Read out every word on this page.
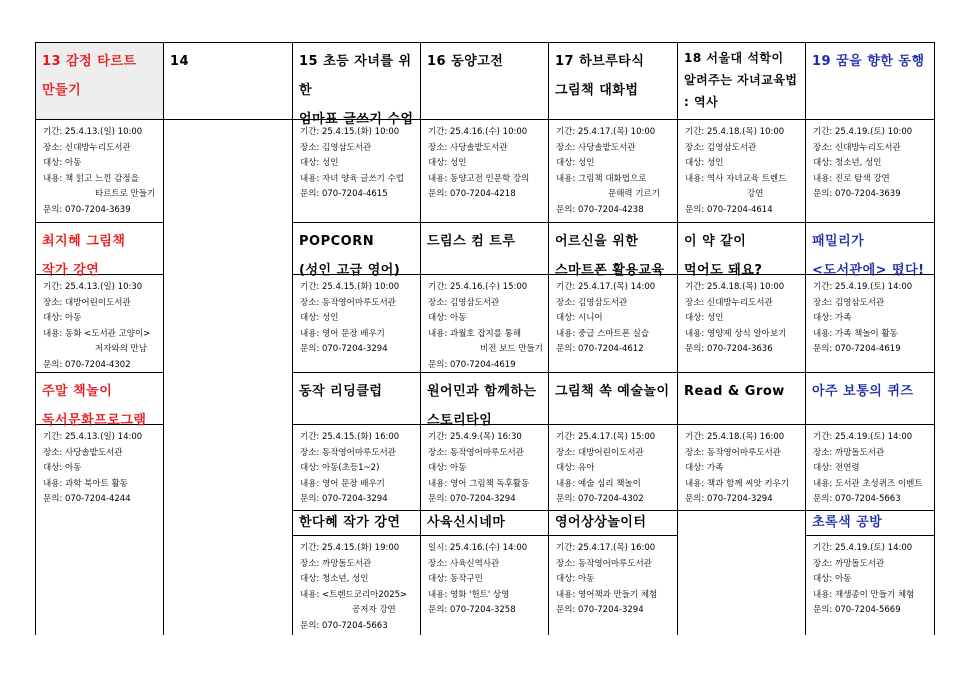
13 감정 타르트
만들기
기간: 25.4.13.(일) 10:00
장소: 신대방누리도서관
대상: 아동
내용: 책 읽고 느낀 감정을
타르트로 만들기
문의: 070-7204-3639
최지혜 그림책
작가 강연
기간: 25.4.13.(일) 10:30
장소: 대방어린이도서관
대상: 아동
내용: 동화 <도서관 고양이>
저자와의 만남
문의: 070-7204-4302
주말 책놀이
독서문화프로그램
기간: 25.4.13.(일) 14:00
장소: 사당솔밭도서관
대상: 아동
내용: 과학 북아트 활동
문의: 070-7204-4244
14	15 초등 자녀를 위한
엄마표 글쓰기 수업
기간: 25.4.15.(화) 10:00
장소: 김영삼도서관
대상: 성인
내용: 자녀 양육 글쓰기 수업
문의: 070-7204-4615
POPCORN
(성인 고급 영어)
기간: 25.4.15.(화) 10:00
장소: 동작영어마루도서관
대상: 성인
내용: 영어 문장 배우기
문의: 070-7204-3294
동작 리딩클럽
기간: 25.4.15.(화) 16:00
장소: 동작영어마루도서관
대상: 아동(초등1~2)
내용: 영어 문장 배우기
문의: 070-7204-3294
한다혜 작가 강연
기간: 25.4.15.(화) 19:00
장소: 까망돌도서관
대상: 청소년, 성인
내용: <트렌드코리아2025>
공저자 강연
문의: 070-7204-5663
16 동양고전
기간: 25.4.16.(수) 10:00
장소: 사당솔밭도서관
대상: 성인
내용: 동양고전 인문학 강의
문의: 070-7204-4218
드림스 컴 트루
기간: 25.4.16.(수) 15:00
장소: 김영삼도서관
대상: 아동
내용: 과월호 잡지를 통해
비전 보드 만들기
문의: 070-7204-4619
원어민과 함께하는
스토리타임
기간: 25.4.9.(목) 16:30
장소: 동작영어마루도서관
대상: 아동
내용: 영어 그림책 독후활동
문의: 070-7204-3294
사육신시네마
일시: 25.4.16.(수) 14:00
장소: 사육신역사관
대상: 동작구민
내용: 영화 '헌트' 상영
문의: 070-7204-3258
17 하브루타식
그림책 대화법
기간: 25.4.17.(목) 10:00
장소: 사당솔밭도서관
대상: 성인
내용: 그림책 대화법으로
문해력 기르기
문의: 070-7204-4238
어르신을 위한
스마트폰 활용교육
기간: 25.4.17.(목) 14:00
장소: 김영삼도서관
대상: 시니어
내용: 중급 스마트폰 실습
문의: 070-7204-4612
그림책 쏙 예술놀이
기간: 25.4.17.(목) 15:00
장소: 대방어린이도서관
대상: 유아
내용: 예술 심리 책놀이
문의: 070-7204-4302
영어상상놀이터
기간: 25.4.17.(목) 16:00
장소: 동작영어마루도서관
대상: 아동
내용: 영어책과 만들기 체험
문의: 070-7204-3294
18 서울대 석학이
알려주는 자녀교육법
: 역사
기간: 25.4.18.(목) 10:00
장소: 김영삼도서관
대상: 성인
내용: 역사 자녀교육 트렌드
강연
문의: 070-7204-4614
이 약 같이
먹어도 돼요?
기간: 25.4.18.(목) 10:00
장소: 신대방누리도서관
대상: 성인
내용: 영양제 상식 알아보기
문의: 070-7204-3636
Read & Grow
기간: 25.4.18.(목) 16:00
장소: 동작영어마루도서관
대상: 가족
내용: 책과 함께 씨앗 키우기
문의: 070-7204-3294
19 꿈을 향한 동행
기간: 25.4.19.(토) 10:00
장소: 신대방누리도서관
대상: 청소년, 성인
내용: 진로 탐색 강연
문의: 070-7204-3639
패밀리가
<도서관에> 떴다!
기간: 25.4.19.(토) 14:00
장소: 김영삼도서관
대상: 가족
내용: 가족 책놀이 활동
문의: 070-7204-4619
아주 보통의 퀴즈
기간: 25.4.19.(토) 14:00
장소: 까망돌도서관
대상: 전연령
내용: 도서관 초성퀴즈 이벤트
문의: 070-7204-5663
초록색 공방
기간: 25.4.19.(토) 14:00
장소: 까망돌도서관
대상: 아동
내용: 재생종이 만들기 체험
문의: 070-7204-5669
